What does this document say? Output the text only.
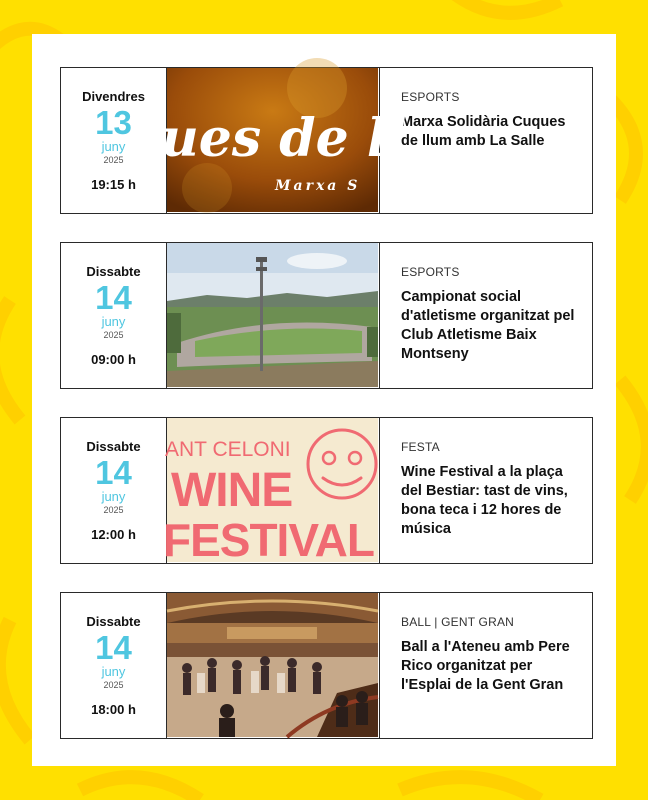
Divendres
13
juny
2025
19:15 h
ues de ll
Marxa S
ESPORTS
Marxa Solidària Cuques de llum amb La Salle
Dissabte
14
juny
2025
09:00 h
ESPORTS
Campionat social d'atletisme organitzat pel Club Atletisme Baix Montseny
Dissabte
14
juny
2025
12:00 h
ANT CELONI
WINE
FESTIVAL
FESTA
Wine Festival a la plaça del Bestiar: tast de vins, bona teca i 12 hores de música
Dissabte
14
juny
2025
18:00 h
BALL | GENT GRAN
Ball a l'Ateneu amb Pere Rico organitzat per l'Esplai de la Gent Gran
